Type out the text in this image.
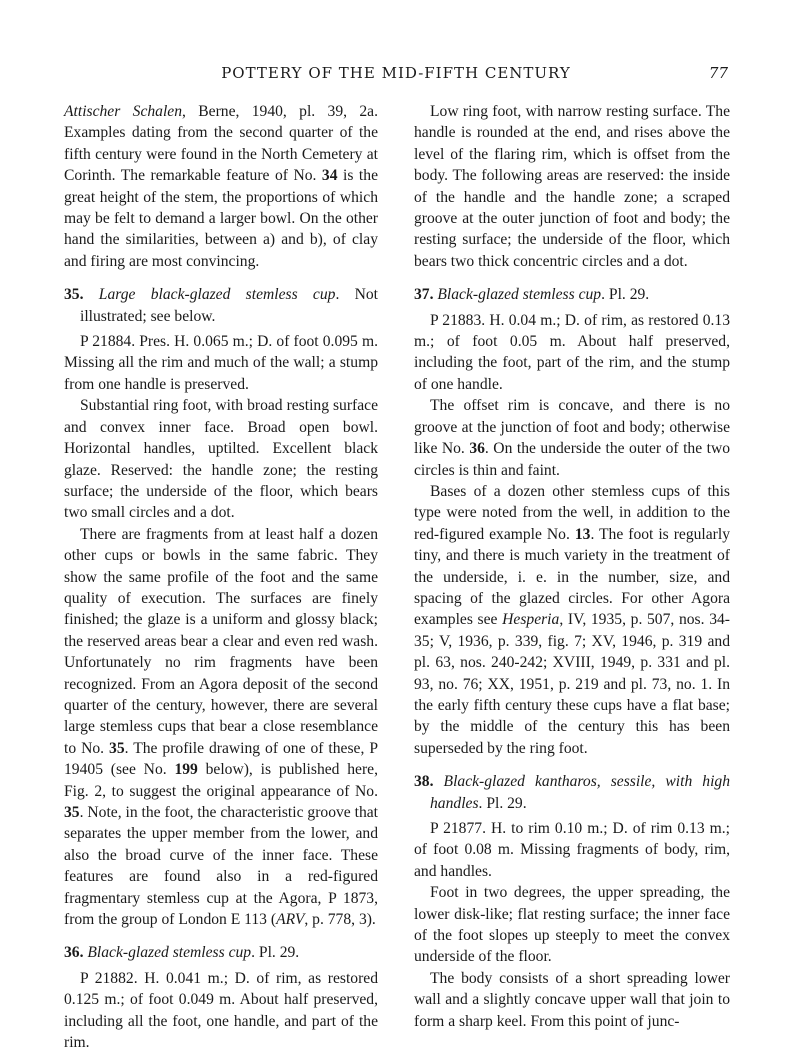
POTTERY OF THE MID-FIFTH CENTURY	77

Attischer Schalen, Berne, 1940, pl. 39, 2a. Examples dating from the second quarter of the fifth century were found in the North Cemetery at Corinth. The remarkable feature of No. 34 is the great height of the stem, the proportions of which may be felt to demand a larger bowl. On the other hand the similarities, between a) and b), of clay and firing are most convincing.

35. Large black-glazed stemless cup. Not illustrated; see below.

P 21884. Pres. H. 0.065 m.; D. of foot 0.095 m. Missing all the rim and much of the wall; a stump from one handle is preserved.

Substantial ring foot, with broad resting surface and convex inner face. Broad open bowl. Horizontal handles, uptilted. Excellent black glaze. Reserved: the handle zone; the resting surface; the underside of the floor, which bears two small circles and a dot.

There are fragments from at least half a dozen other cups or bowls in the same fabric. They show the same profile of the foot and the same quality of execution. The surfaces are finely finished; the glaze is a uniform and glossy black; the reserved areas bear a clear and even red wash. Unfortunately no rim fragments have been recognized. From an Agora deposit of the second quarter of the century, however, there are several large stemless cups that bear a close resemblance to No. 35. The profile drawing of one of these, P 19405 (see No. 199 below), is published here, Fig. 2, to suggest the original appearance of No. 35. Note, in the foot, the characteristic groove that separates the upper member from the lower, and also the broad curve of the inner face. These features are found also in a red-figured fragmentary stemless cup at the Agora, P 1873, from the group of London E 113 (ARV, p. 778, 3).

36. Black-glazed stemless cup. Pl. 29.

P 21882. H. 0.041 m.; D. of rim, as restored 0.125 m.; of foot 0.049 m. About half preserved, including all the foot, one handle, and part of the rim.

Low ring foot, with narrow resting surface. The handle is rounded at the end, and rises above the level of the flaring rim, which is offset from the body. The following areas are reserved: the inside of the handle and the handle zone; a scraped groove at the outer junction of foot and body; the resting surface; the underside of the floor, which bears two thick concentric circles and a dot.

37. Black-glazed stemless cup. Pl. 29.

P 21883. H. 0.04 m.; D. of rim, as restored 0.13 m.; of foot 0.05 m. About half preserved, including the foot, part of the rim, and the stump of one handle.

The offset rim is concave, and there is no groove at the junction of foot and body; otherwise like No. 36. On the underside the outer of the two circles is thin and faint.

Bases of a dozen other stemless cups of this type were noted from the well, in addition to the red-figured example No. 13. The foot is regularly tiny, and there is much variety in the treatment of the underside, i. e. in the number, size, and spacing of the glazed circles. For other Agora examples see Hesperia, IV, 1935, p. 507, nos. 34-35; V, 1936, p. 339, fig. 7; XV, 1946, p. 319 and pl. 63, nos. 240-242; XVIII, 1949, p. 331 and pl. 93, no. 76; XX, 1951, p. 219 and pl. 73, no. 1. In the early fifth century these cups have a flat base; by the middle of the century this has been superseded by the ring foot.

38. Black-glazed kantharos, sessile, with high handles. Pl. 29.

P 21877. H. to rim 0.10 m.; D. of rim 0.13 m.; of foot 0.08 m. Missing fragments of body, rim, and handles.

Foot in two degrees, the upper spreading, the lower disk-like; flat resting surface; the inner face of the foot slopes up steeply to meet the convex underside of the floor.

The body consists of a short spreading lower wall and a slightly concave upper wall that join to form a sharp keel. From this point of junc-
